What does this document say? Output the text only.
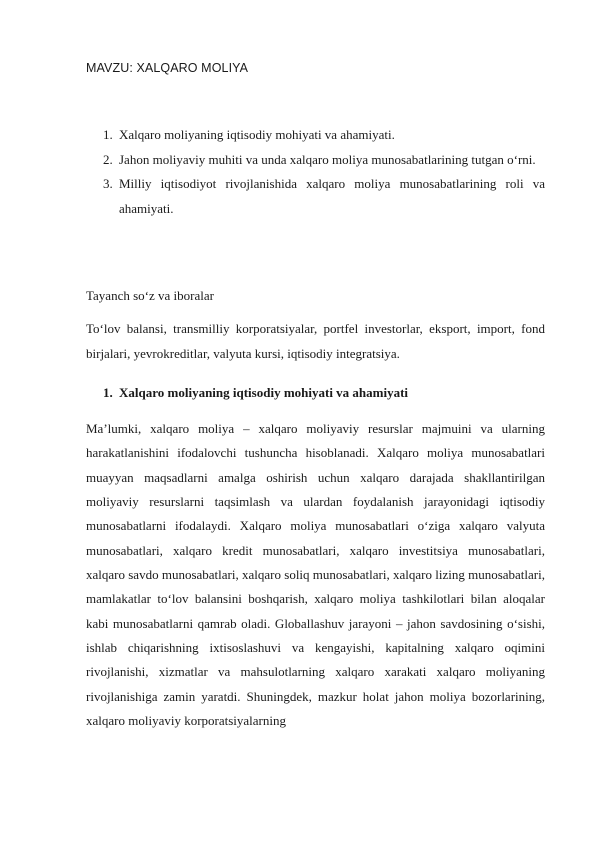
MAVZU: XALQARO MOLIYA
1. Xalqaro moliyaning iqtisodiy mohiyati va ahamiyati.
2. Jahon moliyaviy muhiti va unda xalqaro moliya munosabatlarining tutgan o‘rni.
3. Milliy iqtisodiyot rivojlanishida xalqaro moliya munosabatlarining roli va ahamiyati.
Tayanch so‘z va iboralar

To‘lov balansi, transmilliy korporatsiyalar, portfel investorlar, eksport, import, fond birjalari, yevrokreditlar, valyuta kursi, iqtisodiy integratsiya.

1. Xalqaro moliyaning iqtisodiy mohiyati va ahamiyati

Ma’lumki, xalqaro moliya – xalqaro moliyaviy resurslar majmuini va ularning harakatlanishini ifodalovchi tushuncha hisoblanadi. Xalqaro moliya munosabatlari muayyan maqsadlarni amalga oshirish uchun xalqaro darajada shakllantirilgan moliyaviy resurslarni taqsimlash va ulardan foydalanish jarayonidagi iqtisodiy munosabatlarni ifodalaydi. Xalqaro moliya munosabatlari o‘ziga xalqaro valyuta munosabatlari, xalqaro kredit munosabatlari, xalqaro investitsiya munosabatlari, xalqaro savdo munosabatlari, xalqaro soliq munosabatlari, xalqaro lizing munosabatlari, mamlakatlar to‘lov balansini boshqarish, xalqaro moliya tashkilotlari bilan aloqalar kabi munosabatlarni qamrab oladi. Globallashuv jarayoni – jahon savdosining o‘sishi, ishlab chiqarishning ixtisoslashuvi va kengayishi, kapitalning xalqaro oqimini rivojlanishi, xizmatlar va mahsulotlarning xalqaro xarakati xalqaro moliyaning rivojlanishiga zamin yaratdi. Shuningdek, mazkur holat jahon moliya bozorlarining, xalqaro moliyaviy korporatsiyalarning
